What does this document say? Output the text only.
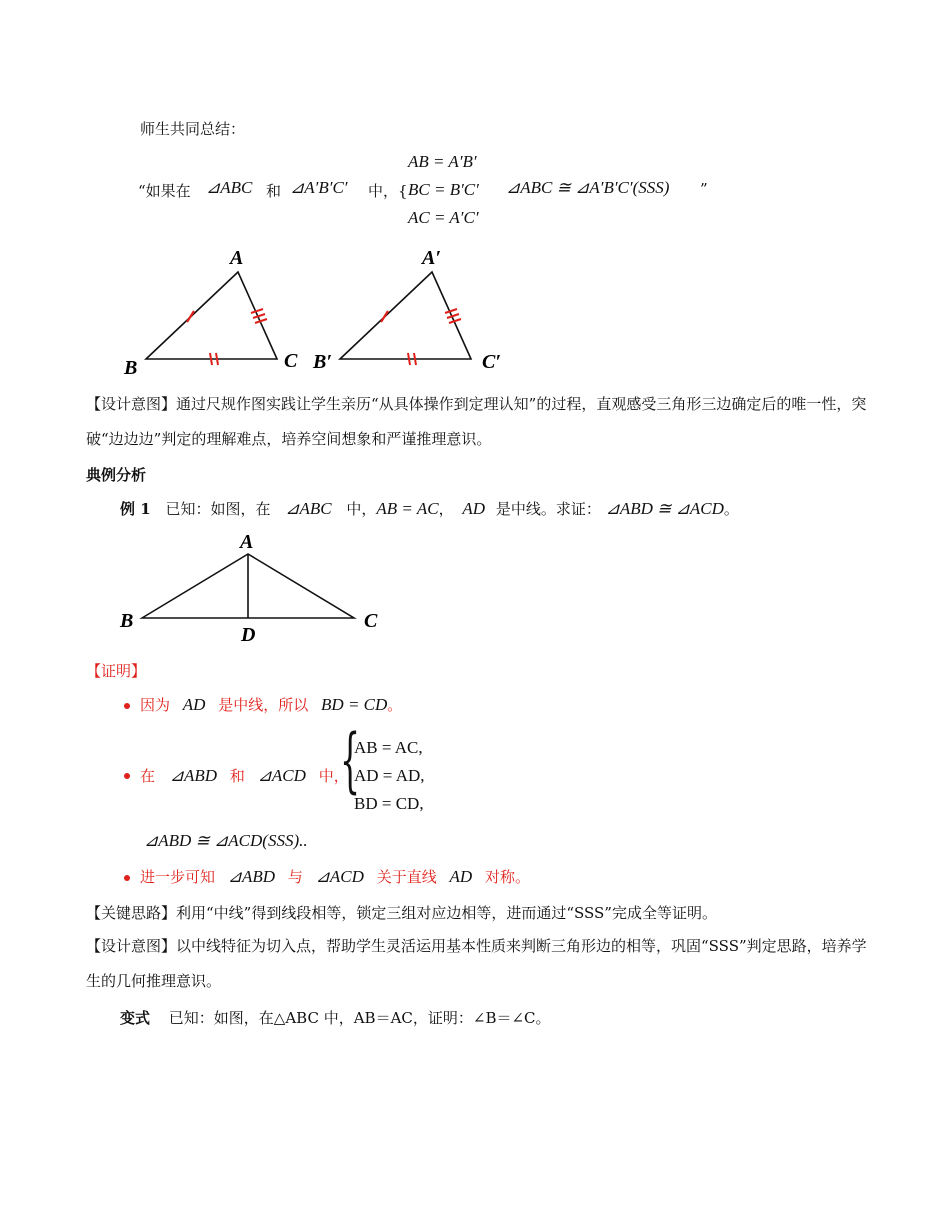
师生共同总结：
“如果在 ⊿ABC 和 ⊿A′B′C′ 中，{
AB = A′B′
BC = B′C′
AC = A′C′
⊿ABC ≅ ⊿A′B′C′(SSS) ”
A
B	C
A′
B′	C′
【设计意图】通过尺规作图实践让学生亲历“从具体操作到定理认知”的过程，直观感受三角形三边确定后的唯一性，突破“边边边”判定的理解难点，培养空间想象和严谨推理意识。
典例分析
例 1 已知：如图，在 ⊿ABC 中，AB = AC， AD 是中线。求证： ⊿ABD ≅ ⊿ACD。
A
B	C
D
【证明】
因为 AD 是中线，所以 BD = CD。
在 ⊿ABD 和 ⊿ACD 中，
{
AB = AC,
AD = AD,
BD = CD,
⊿ABD ≅ ⊿ACD(SSS)..
进一步可知 ⊿ABD 与 ⊿ACD 关于直线 AD 对称。
【关键思路】利用“中线”得到线段相等，锁定三组对应边相等，进而通过“SSS”完成全等证明。
【设计意图】以中线特征为切入点，帮助学生灵活运用基本性质来判断三角形边的相等，巩固“SSS”判定思路，培养学生的几何推理意识。
变式 已知：如图，在△ABC 中，AB＝AC，证明：∠B＝∠C。
